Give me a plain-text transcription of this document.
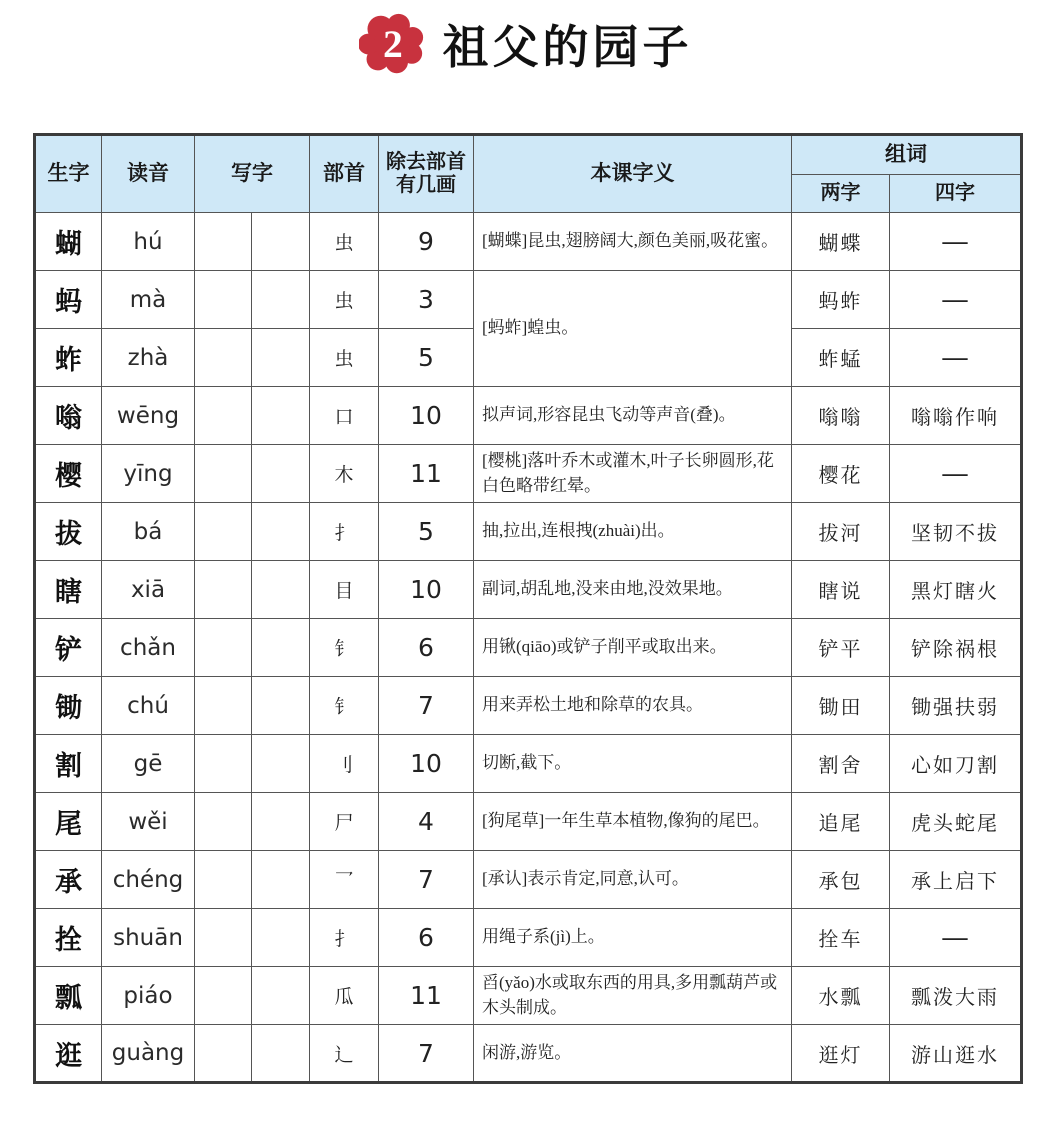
2 祖父的园子
生字	读音	写字		部首	除去部首有几画	本课字义	组词	
							两字	四字
蝴	hú			虫	9	[蝴蝶]昆虫,翅膀阔大,颜色美丽,吸花蜜。	蝴蝶	—
蚂	mà			虫	3	[蚂蚱]蝗虫。	蚂蚱	—
蚱	zhà			虫	5		蚱蜢	—
嗡	wēng			口	10	拟声词,形容昆虫飞动等声音(叠)。	嗡嗡	嗡嗡作响
樱	yīng			木	11	[樱桃]落叶乔木或灌木,叶子长卵圆形,花白色略带红晕。	樱花	—
拔	bá			扌	5	抽,拉出,连根拽(zhuài)出。	拔河	坚韧不拔
瞎	xiā			目	10	副词,胡乱地,没来由地,没效果地。	瞎说	黑灯瞎火
铲	chǎn			钅	6	用锹(qiāo)或铲子削平或取出来。	铲平	铲除祸根
锄	chú			钅	7	用来弄松土地和除草的农具。	锄田	锄强扶弱
割	gē			刂	10	切断,截下。	割舍	心如刀割
尾	wěi			尸	4	[狗尾草]一年生草本植物,像狗的尾巴。	追尾	虎头蛇尾
承	chéng			乛	7	[承认]表示肯定,同意,认可。	承包	承上启下
拴	shuān			扌	6	用绳子系(jì)上。	拴车	—
瓢	piáo			瓜	11	舀(yǎo)水或取东西的用具,多用瓢葫芦或木头制成。	水瓢	瓢泼大雨
逛	guàng			辶	7	闲游,游览。	逛灯	游山逛水
